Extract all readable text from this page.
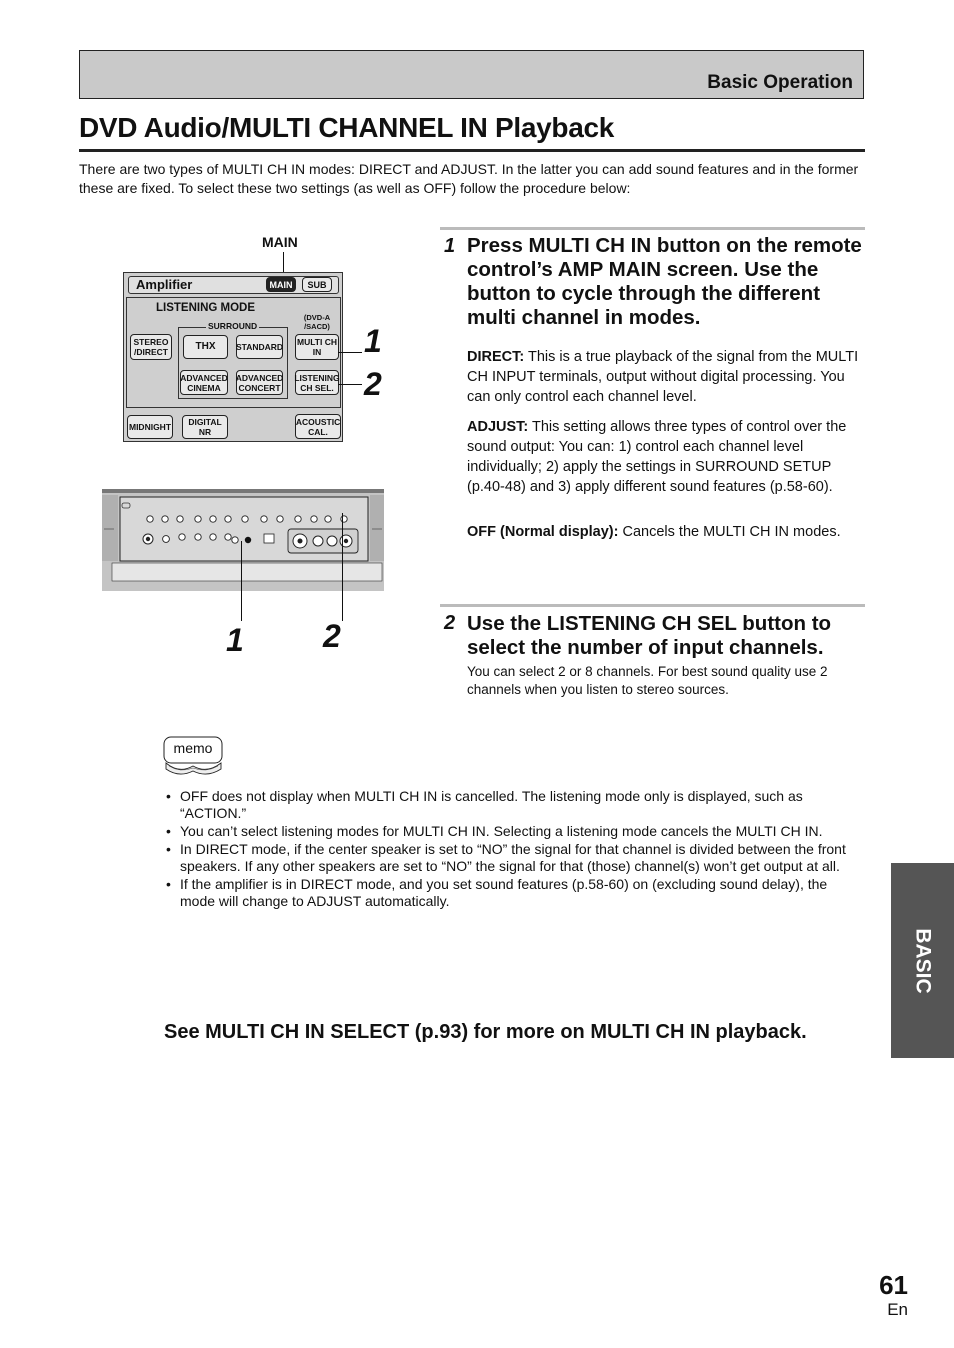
Basic Operation
DVD Audio/MULTI CHANNEL IN Playback
There are two types of MULTI CH IN modes: DIRECT and ADJUST. In the latter you can add sound features and in the former these are fixed. To select these two settings (as well as OFF) follow the procedure below:
MAIN
Amplifier	MAIN	SUB
LISTENING MODE
SURROUND
STEREO
/DIRECT	THX	STANDARD
(DVD-A
/SACD)
MULTI CH
IN
ADVANCED
CINEMA
ADVANCED
CONCERT
LISTENING
CH SEL.
MIDNIGHT DIGITAL
NR
ACOUSTIC
CAL.
1
2
1 2
1 Press MULTI CH IN button on the remote control’s AMP MAIN screen. Use the button to cycle through the different multi channel in modes.
DIRECT: This is a true playback of the signal from the MULTI CH INPUT terminals, output without digital processing. You can only control each channel level.
ADJUST: This setting allows three types of control over the sound output: You can: 1) control each channel level individually; 2) apply the settings in SURROUND SETUP (p.40-48) and 3) apply different sound features (p.58-60).
OFF (Normal display): Cancels the MULTI CH IN modes.
2 Use the LISTENING CH SEL button to select the number of input channels.
You can select 2 or 8 channels. For best sound quality use 2 channels when you listen to stereo sources.
memo
• OFF does not display when MULTI CH IN is cancelled. The listening mode only is displayed, such as “ACTION.”
• You can’t select listening modes for MULTI CH IN. Selecting a listening mode cancels the MULTI CH IN.
• In DIRECT mode, if the center speaker is set to “NO” the signal for that channel is divided between the front speakers. If any other speakers are set to “NO” the signal for that (those) channel(s) won’t get output at all.
• If the amplifier is in DIRECT mode, and you set sound features (p.58-60) on (excluding sound delay), the mode will change to ADJUST automatically.
See MULTI CH IN SELECT (p.93) for more on MULTI CH IN playback.
BASIC
61
En
